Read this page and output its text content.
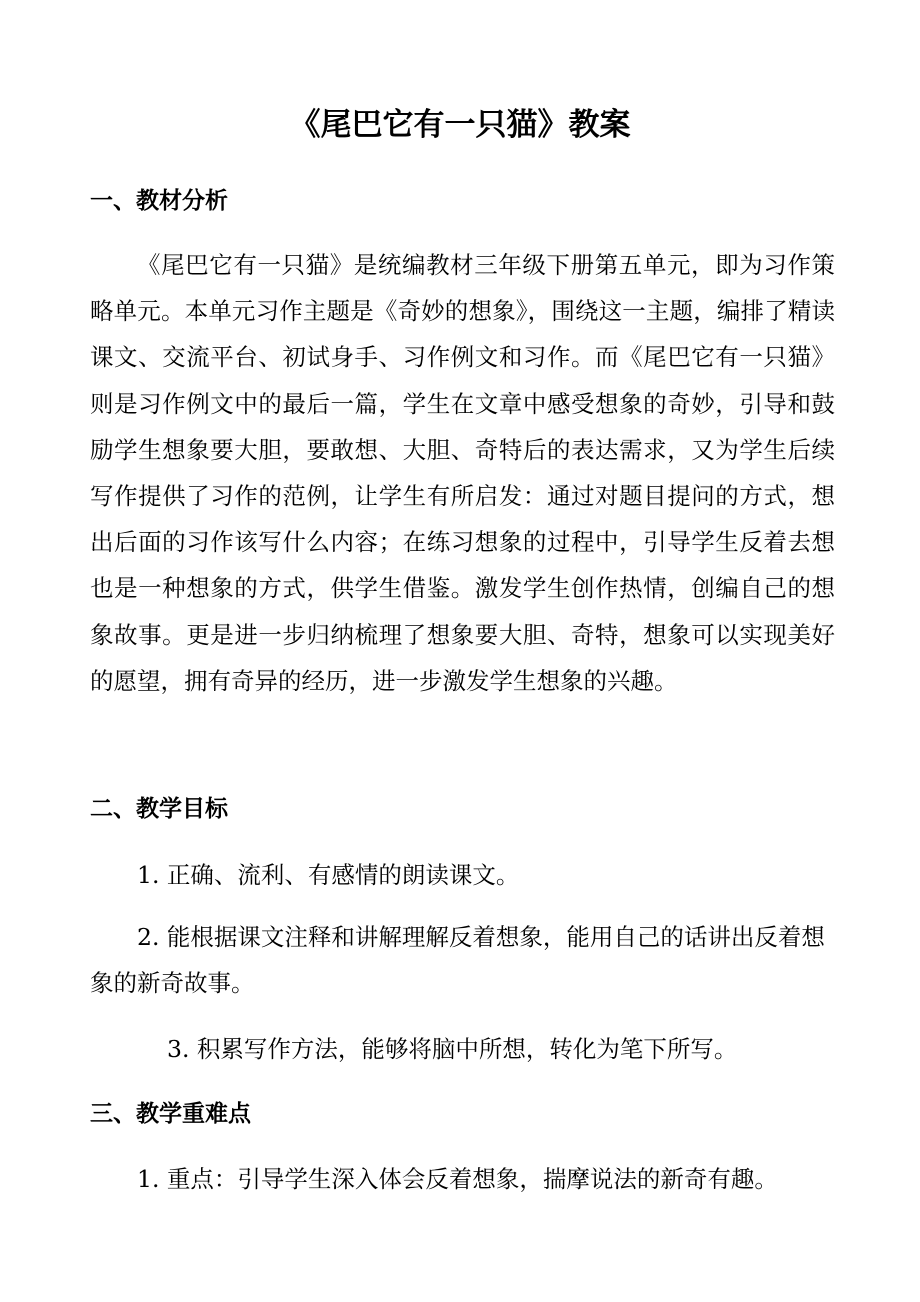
《尾巴它有一只猫》教案
一、教材分析

《尾巴它有一只猫》是统编教材三年级下册第五单元，即为习作策略单元。本单元习作主题是《奇妙的想象》，围绕这一主题，编排了精读课文、交流平台、初试身手、习作例文和习作。而《尾巴它有一只猫》则是习作例文中的最后一篇，学生在文章中感受想象的奇妙，引导和鼓励学生想象要大胆，要敢想、大胆、奇特后的表达需求，又为学生后续写作提供了习作的范例，让学生有所启发：通过对题目提问的方式，想出后面的习作该写什么内容；在练习想象的过程中，引导学生反着去想也是一种想象的方式，供学生借鉴。激发学生创作热情，创编自己的想象故事。更是进一步归纳梳理了想象要大胆、奇特，想象可以实现美好的愿望，拥有奇异的经历，进一步激发学生想象的兴趣。

二、教学目标

1. 正确、流利、有感情的朗读课文。

2. 能根据课文注释和讲解理解反着想象，能用自己的话讲出反着想象的新奇故事。

3. 积累写作方法，能够将脑中所想，转化为笔下所写。

三、教学重难点

1. 重点：引导学生深入体会反着想象，揣摩说法的新奇有趣。
